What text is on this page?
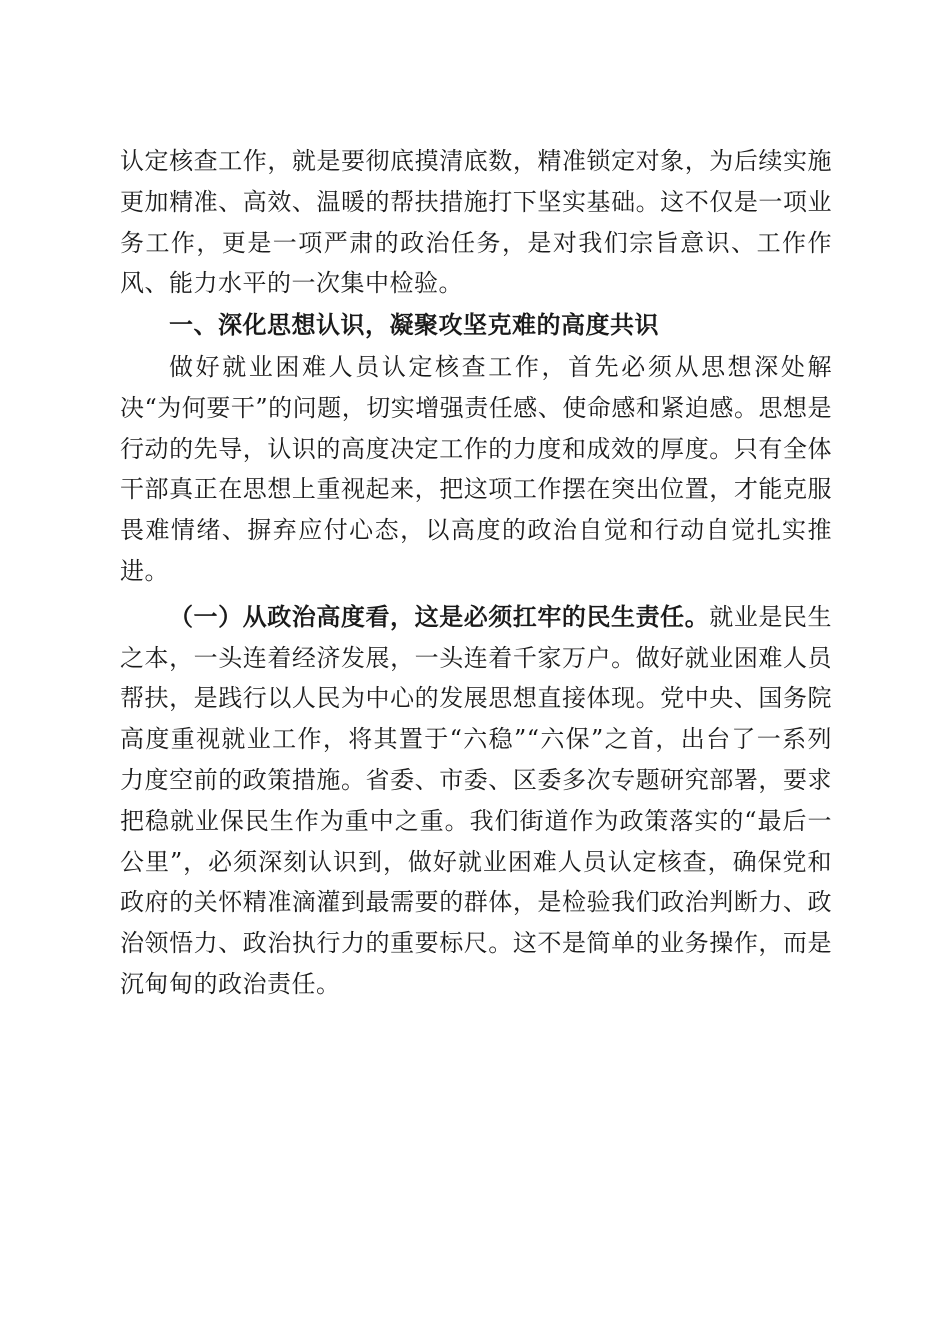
认定核查工作，就是要彻底摸清底数，精准锁定对象，为后续实施更加精准、高效、温暖的帮扶措施打下坚实基础。这不仅是一项业务工作，更是一项严肃的政治任务，是对我们宗旨意识、工作作风、能力水平的一次集中检验。

一、深化思想认识，凝聚攻坚克难的高度共识

做好就业困难人员认定核查工作，首先必须从思想深处解决“为何要干”的问题，切实增强责任感、使命感和紧迫感。思想是行动的先导，认识的高度决定工作的力度和成效的厚度。只有全体干部真正在思想上重视起来，把这项工作摆在突出位置，才能克服畏难情绪、摒弃应付心态，以高度的政治自觉和行动自觉扎实推进。

（一）从政治高度看，这是必须扛牢的民生责任。就业是民生之本，一头连着经济发展，一头连着千家万户。做好就业困难人员帮扶，是践行以人民为中心的发展思想直接体现。党中央、国务院高度重视就业工作，将其置于“六稳”“六保”之首，出台了一系列力度空前的政策措施。省委、市委、区委多次专题研究部署，要求把稳就业保民生作为重中之重。我们街道作为政策落实的“最后一公里”，必须深刻认识到，做好就业困难人员认定核查，确保党和政府的关怀精准滴灌到最需要的群体，是检验我们政治判断力、政治领悟力、政治执行力的重要标尺。这不是简单的业务操作，而是沉甸甸的政治责任。
